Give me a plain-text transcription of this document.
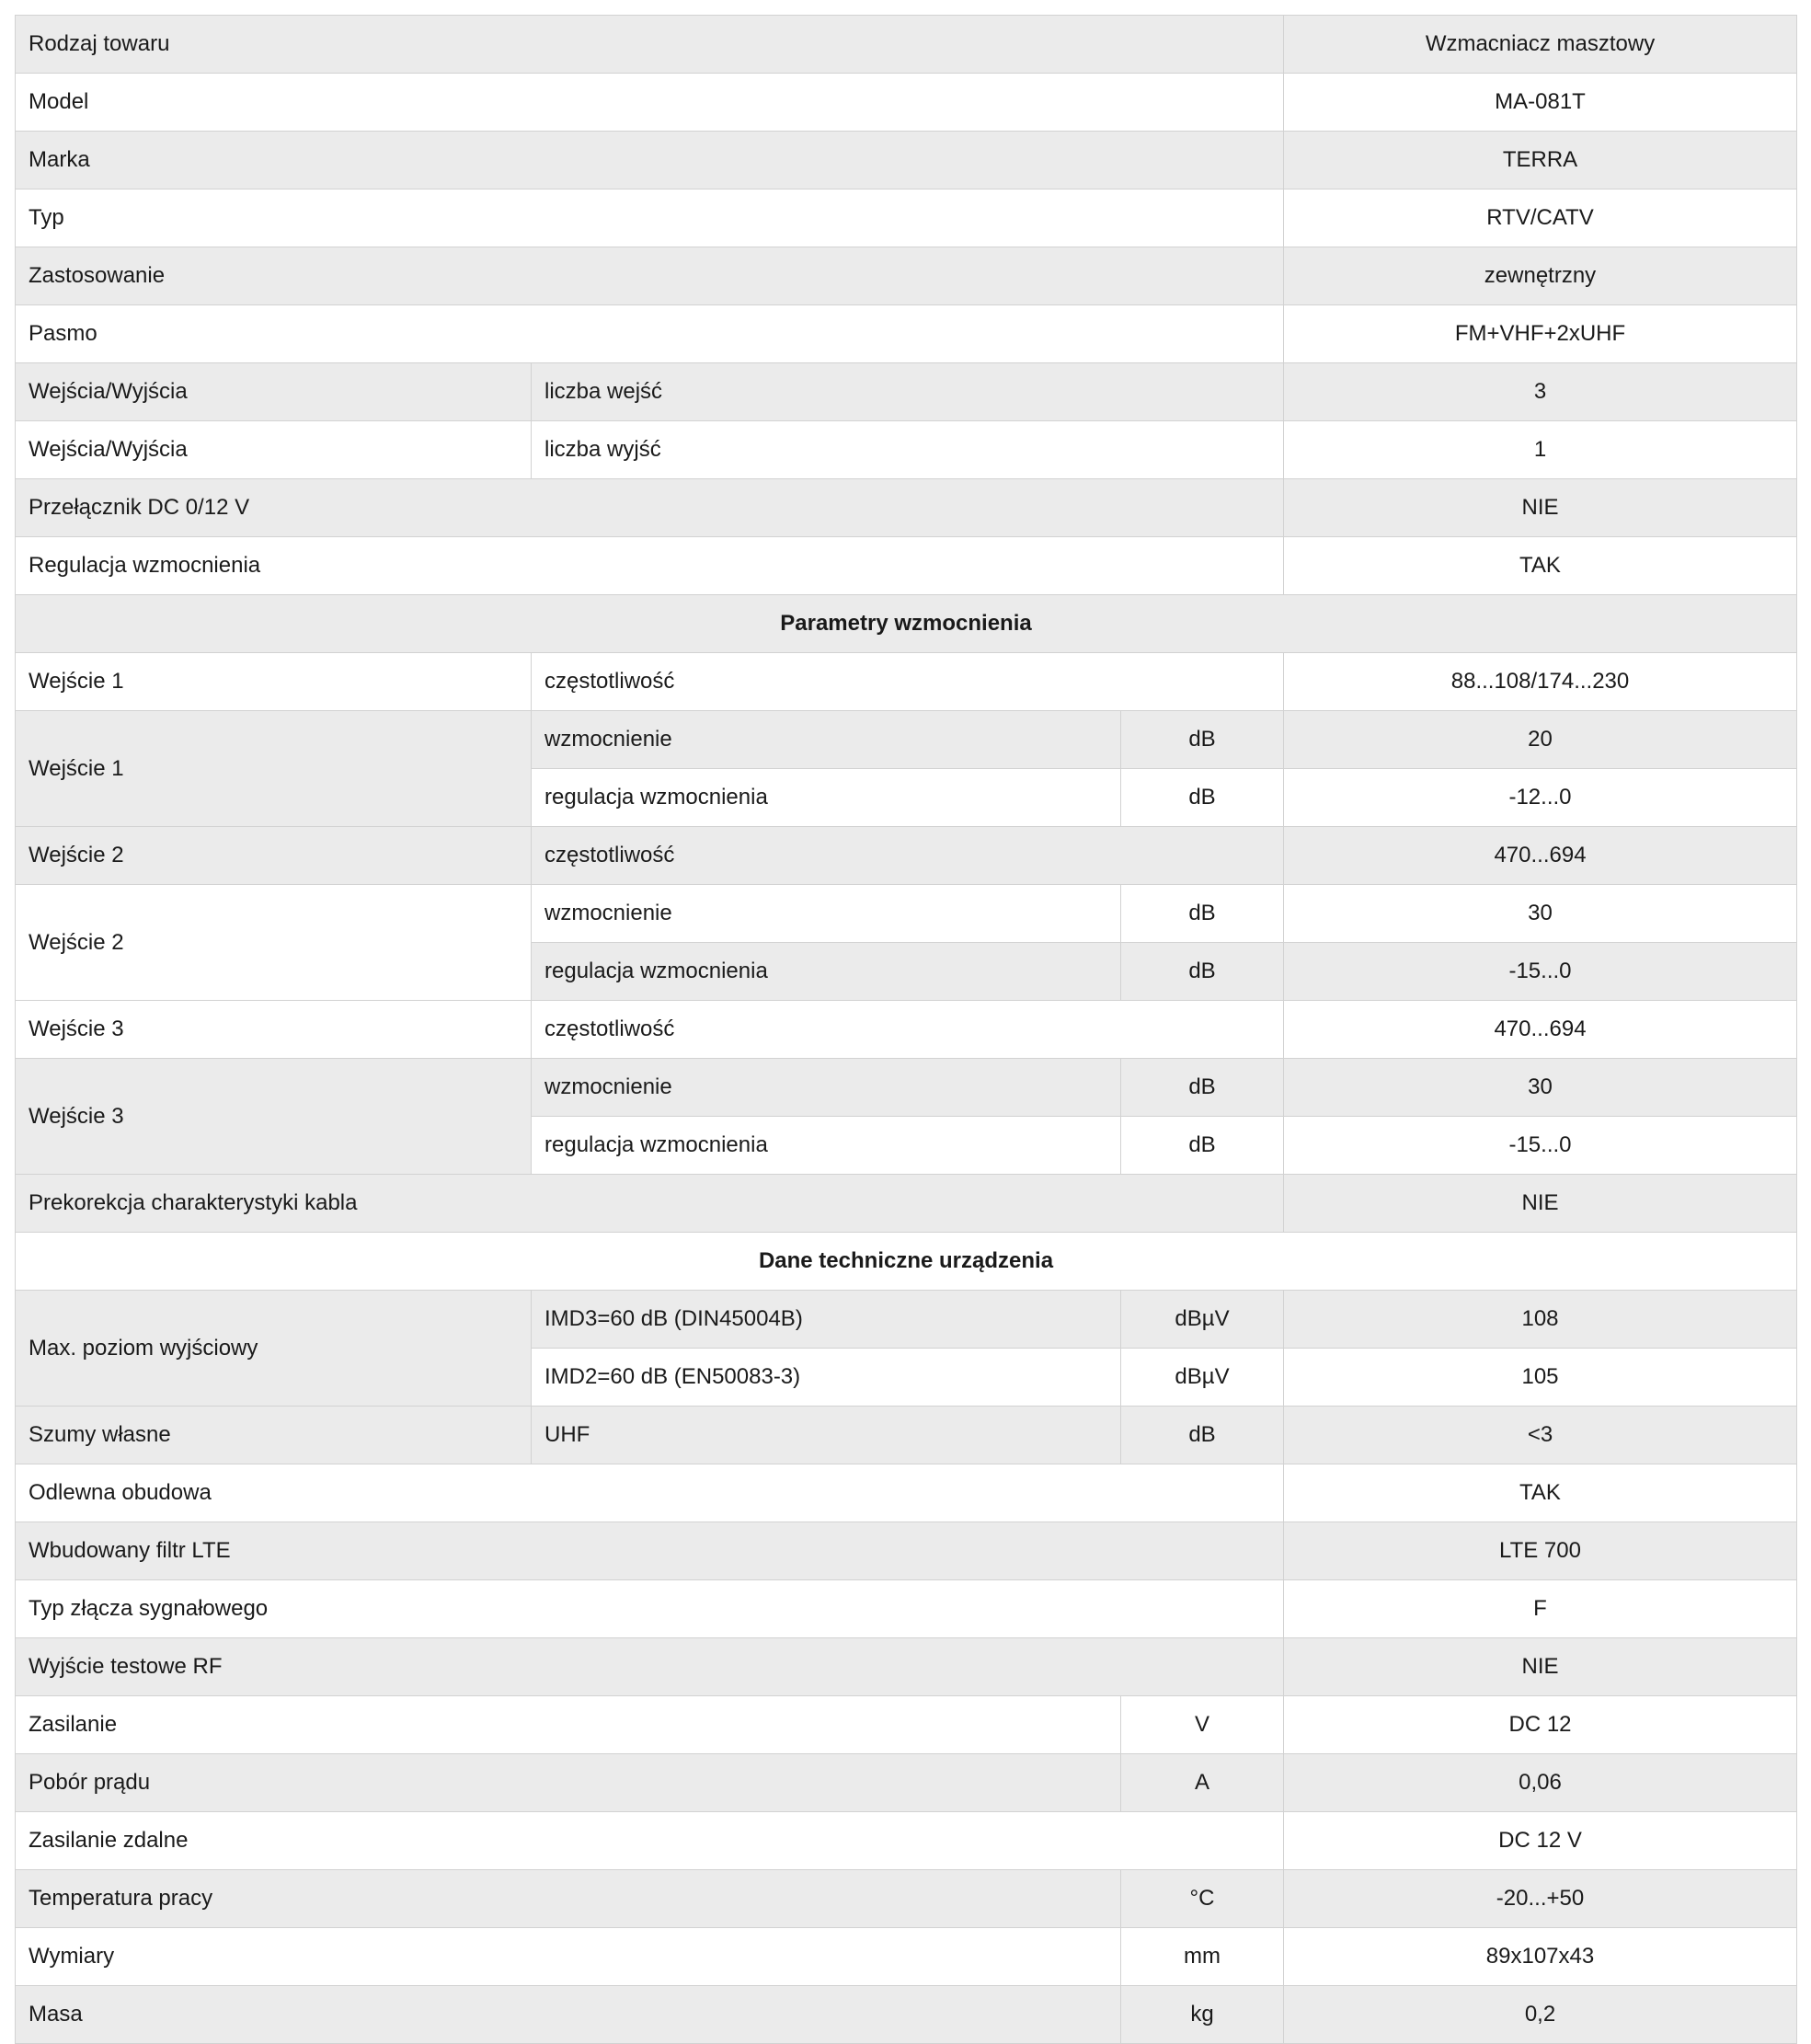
Rodzaj towaru			Wzmacniacz masztowy
Model			MA-081T
Marka			TERRA
Typ			RTV/CATV
Zastosowanie			zewnętrzny
Pasmo			FM+VHF+2xUHF
Wejścia/Wyjścia	liczba wejść		3
Wejścia/Wyjścia	liczba wyjść		1
Przełącznik DC 0/12 V			NIE
Regulacja wzmocnienia			TAK
Parametry wzmocnienia			
Wejście 1	częstotliwość		88...108/174...230
Wejście 1	wzmocnienie	dB	20
	regulacja wzmocnienia	dB	-12...0
Wejście 2	częstotliwość		470...694
Wejście 2	wzmocnienie	dB	30
	regulacja wzmocnienia	dB	-15...0
Wejście 3	częstotliwość		470...694
Wejście 3	wzmocnienie	dB	30
	regulacja wzmocnienia	dB	-15...0
Prekorekcja charakterystyki kabla			NIE
Dane techniczne urządzenia			
Max. poziom wyjściowy	IMD3=60 dB (DIN45004B)	dBµV	108
	IMD2=60 dB (EN50083-3)	dBµV	105
Szumy własne	UHF	dB	<3
Odlewna obudowa			TAK
Wbudowany filtr LTE			LTE 700
Typ złącza sygnałowego			F
Wyjście testowe RF			NIE
Zasilanie		V	DC 12
Pobór prądu		A	0,06
Zasilanie zdalne			DC 12 V
Temperatura pracy		°C	-20...+50
Wymiary		mm	89x107x43
Masa		kg	0,2
